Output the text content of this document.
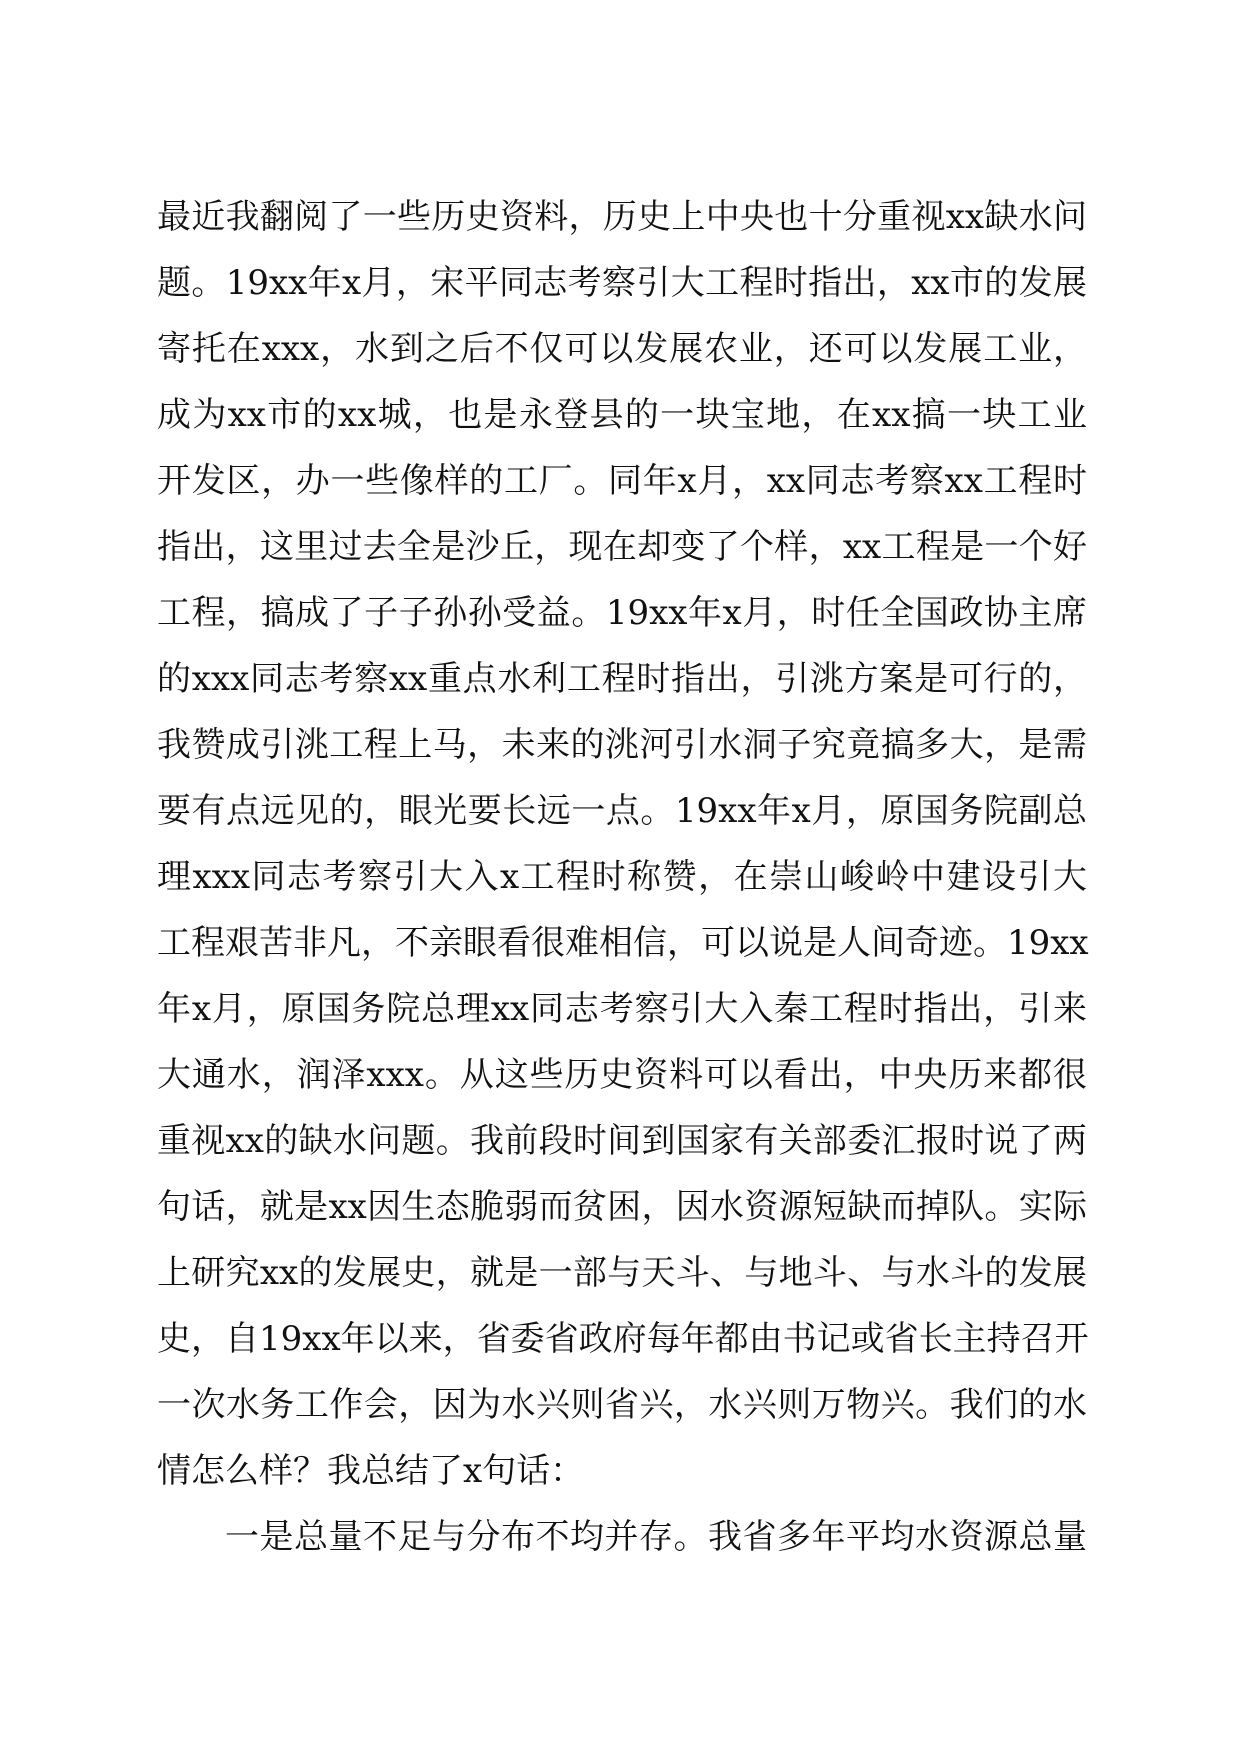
最近我翻阅了一些历史资料，历史上中央也十分重视xx缺水问
题。19xx年x月，宋平同志考察引大工程时指出，xx市的发展
寄托在xxx，水到之后不仅可以发展农业，还可以发展工业，
成为xx市的xx城，也是永登县的一块宝地，在xx搞一块工业
开发区，办一些像样的工厂。同年x月，xx同志考察xx工程时
指出，这里过去全是沙丘，现在却变了个样，xx工程是一个好
工程，搞成了子子孙孙受益。19xx年x月，时任全国政协主席
的xxx同志考察xx重点水利工程时指出，引洮方案是可行的，
我赞成引洮工程上马，未来的洮河引水洞子究竟搞多大，是需
要有点远见的，眼光要长远一点。19xx年x月，原国务院副总
理xxx同志考察引大入x工程时称赞，在崇山峻岭中建设引大
工程艰苦非凡，不亲眼看很难相信，可以说是人间奇迹。19xx
年x月，原国务院总理xx同志考察引大入秦工程时指出，引来
大通水，润泽xxx。从这些历史资料可以看出，中央历来都很
重视xx的缺水问题。我前段时间到国家有关部委汇报时说了两
句话，就是xx因生态脆弱而贫困，因水资源短缺而掉队。实际
上研究xx的发展史，就是一部与天斗、与地斗、与水斗的发展
史，自19xx年以来，省委省政府每年都由书记或省长主持召开
一次水务工作会，因为水兴则省兴，水兴则万物兴。我们的水
情怎么样？我总结了x句话：
一是总量不足与分布不均并存。我省多年平均水资源总量
